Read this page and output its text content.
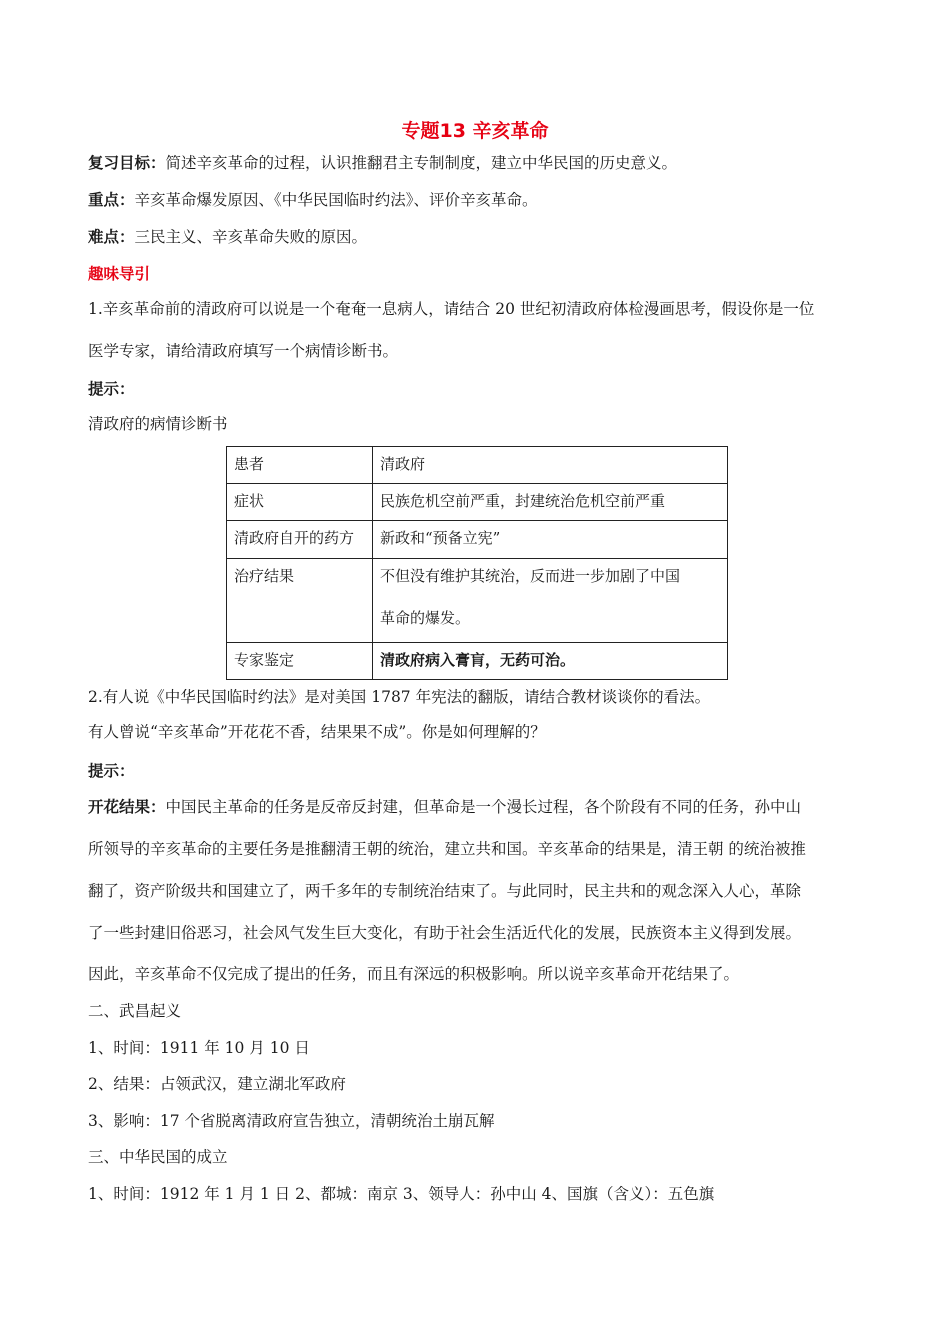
专题13 辛亥革命
复习目标：简述辛亥革命的过程，认识推翻君主专制制度，建立中华民国的历史意义。
重点：辛亥革命爆发原因、《中华民国临时约法》、评价辛亥革命。
难点：三民主义、辛亥革命失败的原因。
趣味导引
1.辛亥革命前的清政府可以说是一个奄奄一息病人，请结合 20 世纪初清政府体检漫画思考，假设你是一位
医学专家，请给清政府填写一个病情诊断书。
提示：
清政府的病情诊断书
患者	清政府
症状	民族危机空前严重，封建统治危机空前严重
清政府自开的药方	新政和“预备立宪”
治疗结果	不但没有维护其统治，反而进一步加剧了中国
革命的爆发。

专家鉴定	清政府病入膏肓，无药可治。
2.有人说《中华民国临时约法》是对美国 1787 年宪法的翻版，请结合教材谈谈你的看法。
有人曾说“辛亥革命”开花花不香，结果果不成”。你是如何理解的？
提示：
开花结果：中国民主革命的任务是反帝反封建，但革命是一个漫长过程，各个阶段有不同的任务，孙中山
所领导的辛亥革命的主要任务是推翻清王朝的统治，建立共和国。辛亥革命的结果是，清王朝 的统治被推
翻了，资产阶级共和国建立了，两千多年的专制统治结束了。与此同时，民主共和的观念深入人心，革除
了一些封建旧俗恶习，社会风气发生巨大变化，有助于社会生活近代化的发展，民族资本主义得到发展。
因此，辛亥革命不仅完成了提出的任务，而且有深远的积极影响。所以说辛亥革命开花结果了。
二、武昌起义
1、时间：1911 年 10 月 10 日
2、结果：占领武汉，建立湖北军政府
3、影响：17 个省脱离清政府宣告独立，清朝统治土崩瓦解
三、中华民国的成立
1、时间：1912 年 1 月 1 日 2、都城：南京 3、领导人：孙中山 4、国旗（含义）：五色旗
